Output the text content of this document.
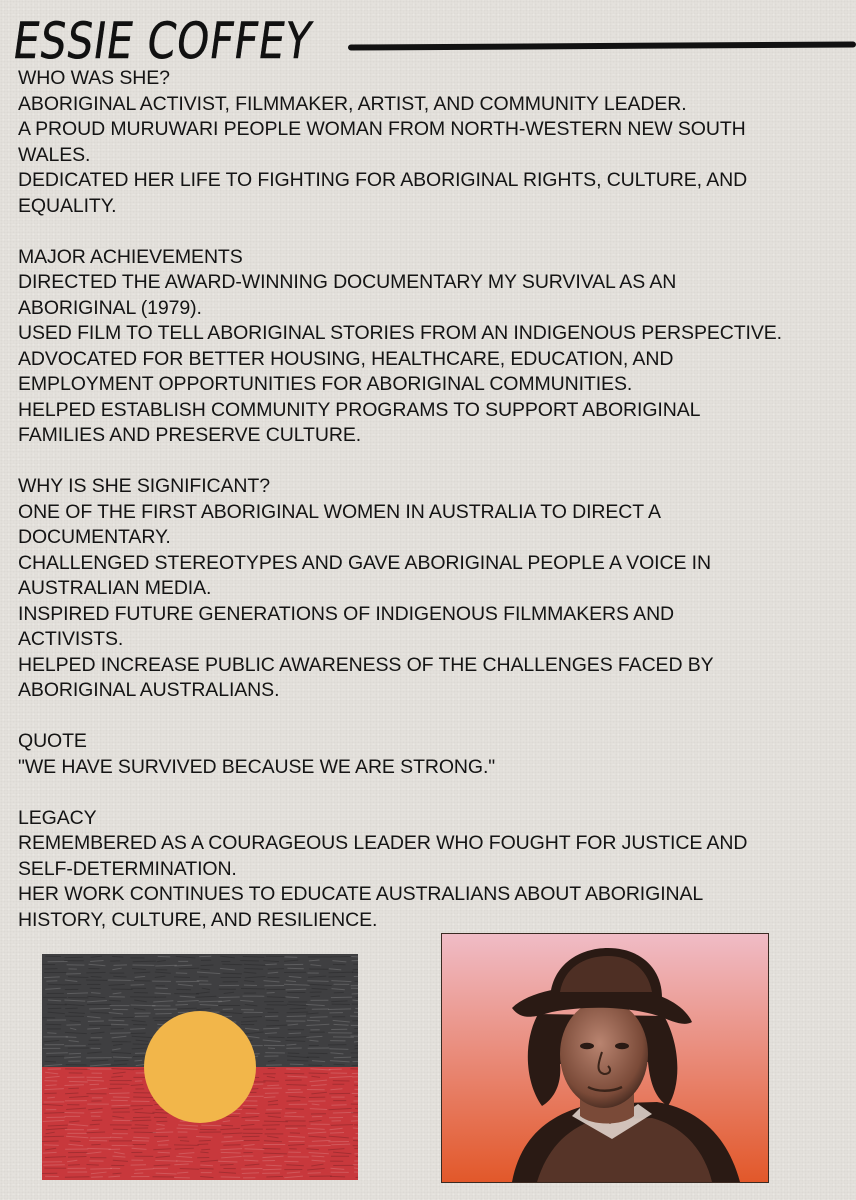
ESSIE COFFEY
WHO WAS SHE?
ABORIGINAL ACTIVIST, FILMMAKER, ARTIST, AND COMMUNITY LEADER.
A PROUD MURUWARI PEOPLE WOMAN FROM NORTH-WESTERN NEW SOUTH
WALES.
DEDICATED HER LIFE TO FIGHTING FOR ABORIGINAL RIGHTS, CULTURE, AND
EQUALITY.
MAJOR ACHIEVEMENTS
DIRECTED THE AWARD-WINNING DOCUMENTARY MY SURVIVAL AS AN
ABORIGINAL (1979).
USED FILM TO TELL ABORIGINAL STORIES FROM AN INDIGENOUS PERSPECTIVE.
ADVOCATED FOR BETTER HOUSING, HEALTHCARE, EDUCATION, AND
EMPLOYMENT OPPORTUNITIES FOR ABORIGINAL COMMUNITIES.
HELPED ESTABLISH COMMUNITY PROGRAMS TO SUPPORT ABORIGINAL
FAMILIES AND PRESERVE CULTURE.
WHY IS SHE SIGNIFICANT?
ONE OF THE FIRST ABORIGINAL WOMEN IN AUSTRALIA TO DIRECT A
DOCUMENTARY.
CHALLENGED STEREOTYPES AND GAVE ABORIGINAL PEOPLE A VOICE IN
AUSTRALIAN MEDIA.
INSPIRED FUTURE GENERATIONS OF INDIGENOUS FILMMAKERS AND
ACTIVISTS.
HELPED INCREASE PUBLIC AWARENESS OF THE CHALLENGES FACED BY
ABORIGINAL AUSTRALIANS.
QUOTE
"WE HAVE SURVIVED BECAUSE WE ARE STRONG."
LEGACY
REMEMBERED AS A COURAGEOUS LEADER WHO FOUGHT FOR JUSTICE AND
SELF-DETERMINATION.
HER WORK CONTINUES TO EDUCATE AUSTRALIANS ABOUT ABORIGINAL
HISTORY, CULTURE, AND RESILIENCE.
